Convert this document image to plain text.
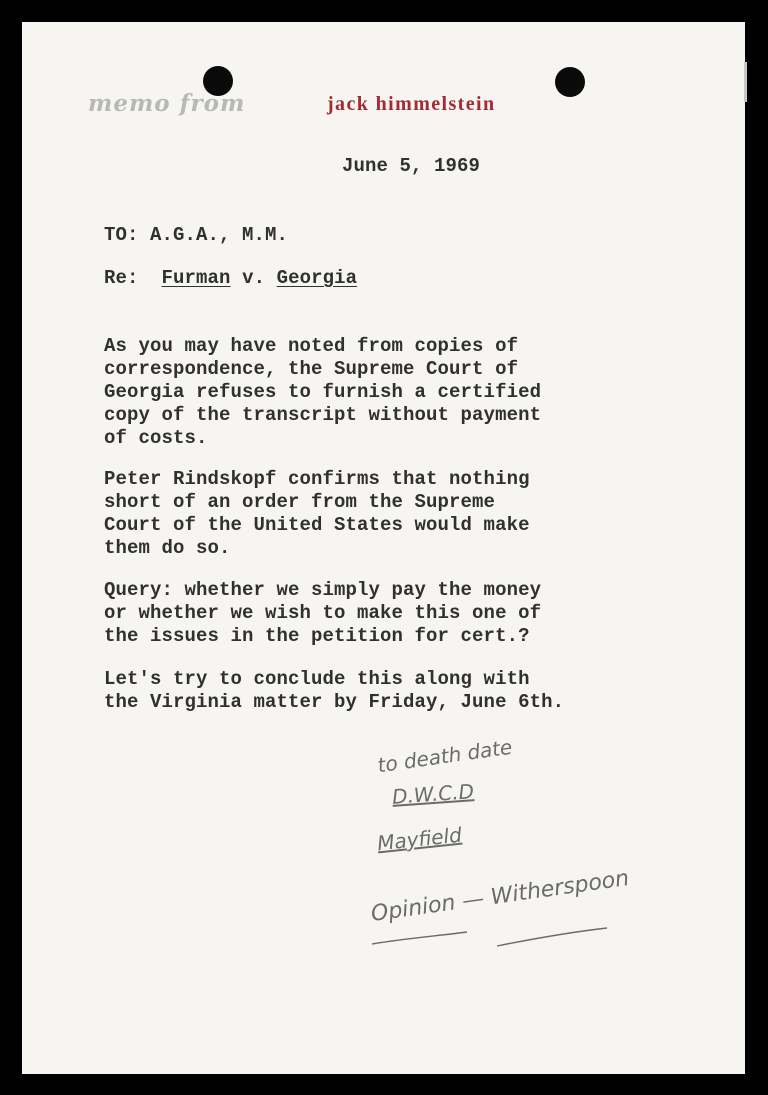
memo from	jack himmelstein
June 5, 1969
TO: A.G.A., M.M.
Re: Furman v. Georgia
As you may have noted from copies of
correspondence, the Supreme Court of
Georgia refuses to furnish a certified
copy of the transcript without payment
of costs.
Peter Rindskopf confirms that nothing
short of an order from the Supreme
Court of the United States would make
them do so.
Query: whether we simply pay the money
or whether we wish to make this one of
the issues in the petition for cert.?
Let's try to conclude this along with
the Virginia matter by Friday, June 6th.
to death date
D.W.C.D
Mayfield
Opinion — Witherspoon
